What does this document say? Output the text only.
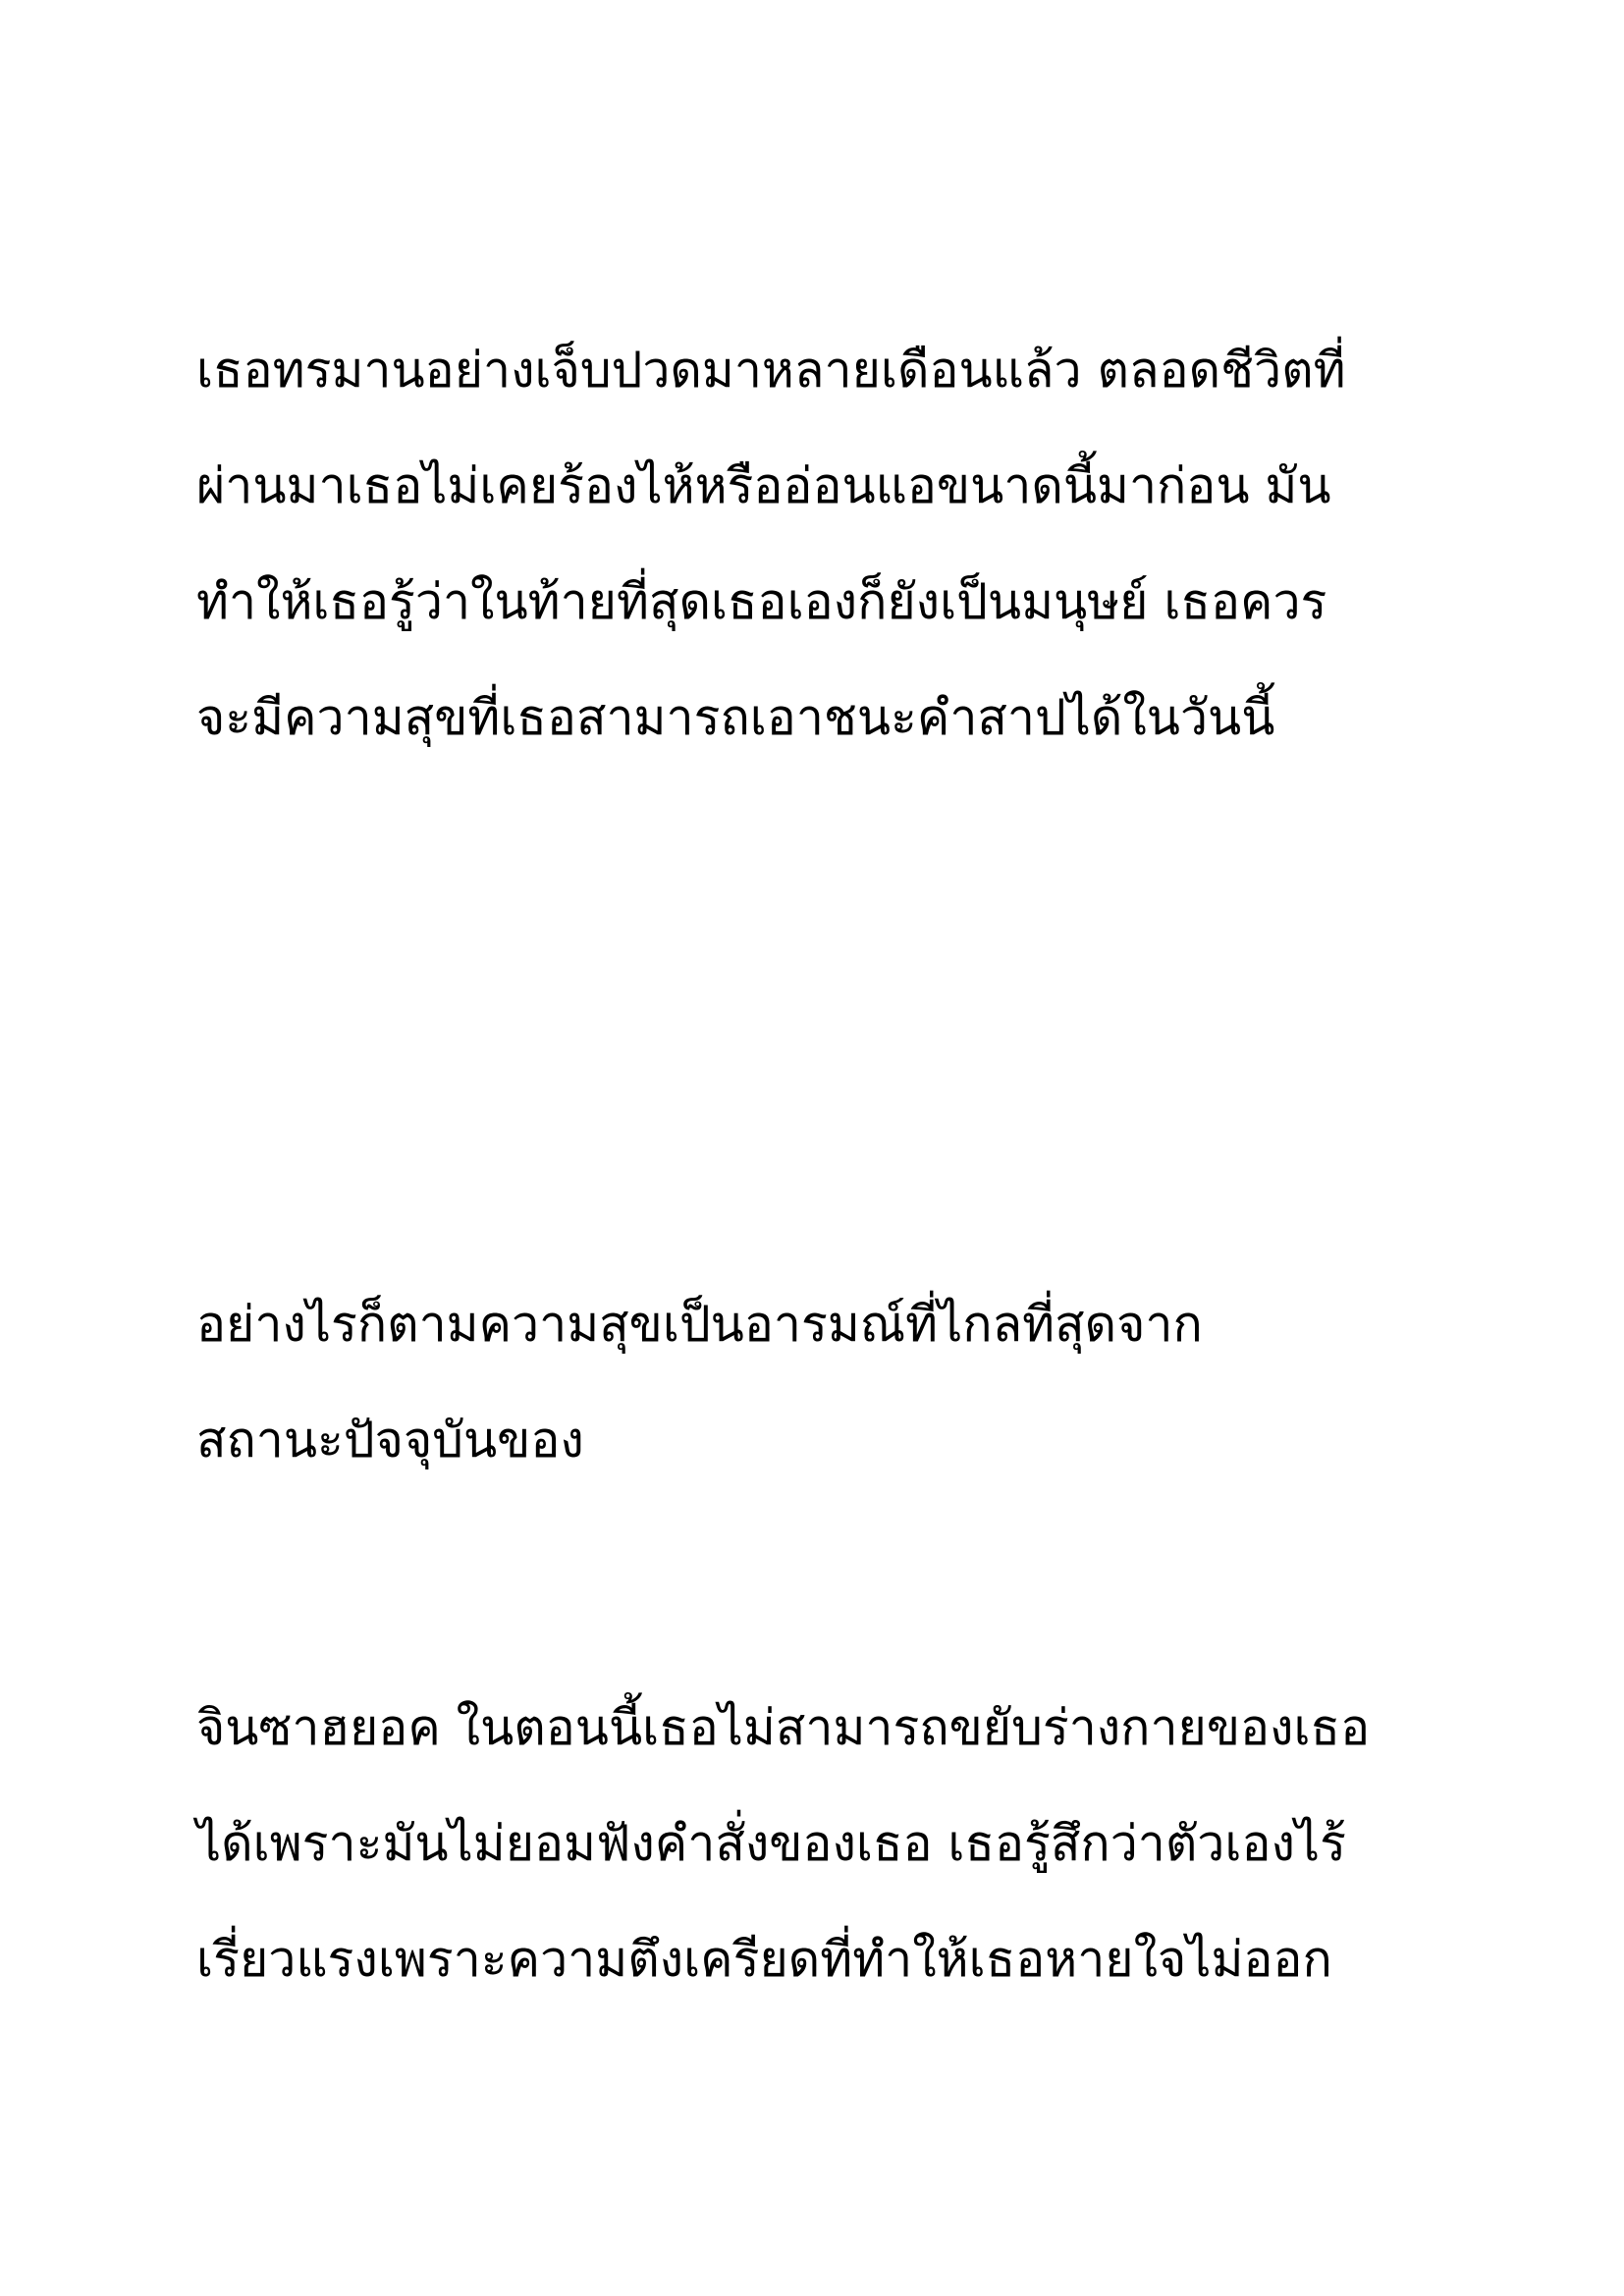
เธอทรมานอย่างเจ็บปวดมาหลายเดือนแล้ว ตลอดชีวิตที่
ผ่านมาเธอไม่เคยร้องไห้หรืออ่อนแอขนาดนี้มาก่อน มัน
ทำให้เธอรู้ว่าในท้ายที่สุดเธอเองก็ยังเป็นมนุษย์ เธอควร
จะมีความสุขที่เธอสามารถเอาชนะคำสาปได้ในวันนี้
อย่างไรก็ตามความสุขเป็นอารมณ์ที่ไกลที่สุดจาก
สถานะปัจจุบันของ
จินซาฮยอค ในตอนนี้เธอไม่สามารถขยับร่างกายของเธอ
ได้เพราะมันไม่ยอมฟังคำสั่งของเธอ เธอรู้สึกว่าตัวเองไร้
เรี่ยวแรงเพราะความตึงเครียดที่ทำให้เธอหายใจไม่ออก
